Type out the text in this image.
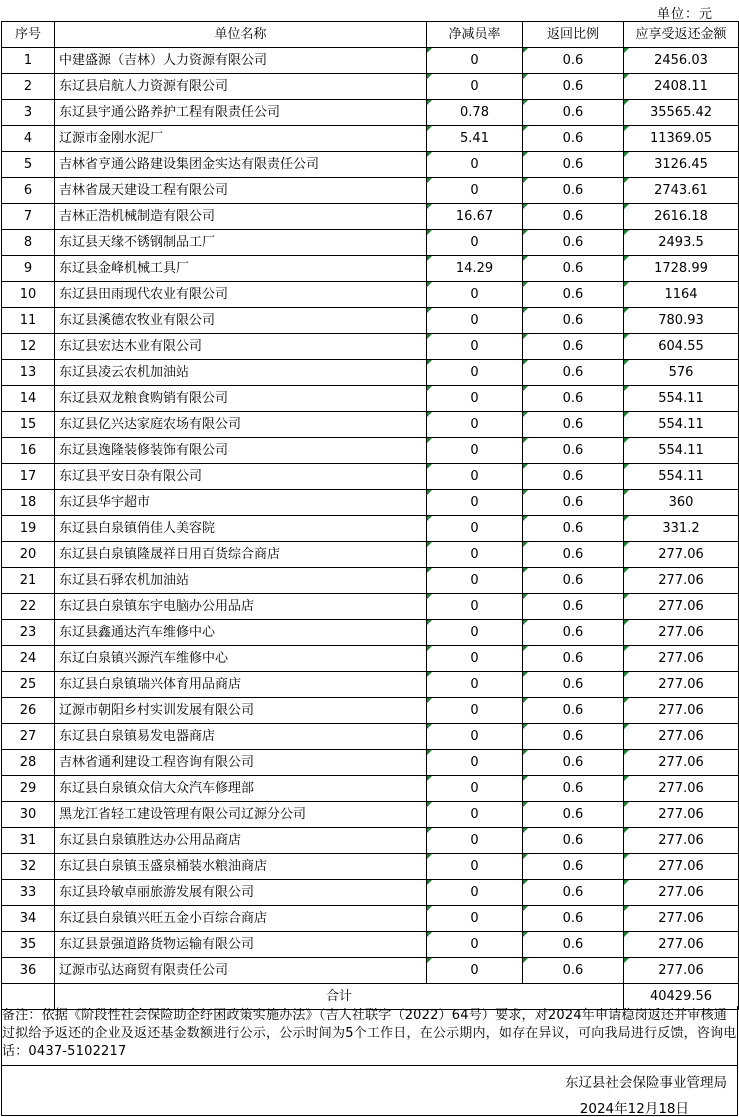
单位：元
序号	单位名称	净减员率	返回比例	应享受返还金额
1	中建盛源（吉林）人力资源有限公司	0	0.6	2456.03
2	东辽县启航人力资源有限公司	0	0.6	2408.11
3	东辽县宇通公路养护工程有限责任公司	0.78	0.6	35565.42
4	辽源市金刚水泥厂	5.41	0.6	11369.05
5	吉林省亨通公路建设集团金实达有限责任公司	0	0.6	3126.45
6	吉林省晟天建设工程有限公司	0	0.6	2743.61
7	吉林正浩机械制造有限公司	16.67	0.6	2616.18
8	东辽县天缘不锈钢制品工厂	0	0.6	2493.5
9	东辽县金峰机械工具厂	14.29	0.6	1728.99
10	东辽县田雨现代农业有限公司	0	0.6	1164
11	东辽县溪德农牧业有限公司	0	0.6	780.93
12	东辽县宏达木业有限公司	0	0.6	604.55
13	东辽县凌云农机加油站	0	0.6	576
14	东辽县双龙粮食购销有限公司	0	0.6	554.11
15	东辽县亿兴达家庭农场有限公司	0	0.6	554.11
16	东辽县逸隆装修装饰有限公司	0	0.6	554.11
17	东辽县平安日杂有限公司	0	0.6	554.11
18	东辽县华宇超市	0	0.6	360
19	东辽县白泉镇俏佳人美容院	0	0.6	331.2
20	东辽县白泉镇隆晟祥日用百货综合商店	0	0.6	277.06
21	东辽县石驿农机加油站	0	0.6	277.06
22	东辽县白泉镇东宇电脑办公用品店	0	0.6	277.06
23	东辽县鑫通达汽车维修中心	0	0.6	277.06
24	东辽白泉镇兴源汽车维修中心	0	0.6	277.06
25	东辽县白泉镇瑞兴体育用品商店	0	0.6	277.06
26	辽源市朝阳乡村实训发展有限公司	0	0.6	277.06
27	东辽县白泉镇易发电器商店	0	0.6	277.06
28	吉林省通利建设工程咨询有限公司	0	0.6	277.06
29	东辽县白泉镇众信大众汽车修理部	0	0.6	277.06
30	黑龙江省轻工建设管理有限公司辽源分公司	0	0.6	277.06
31	东辽县白泉镇胜达办公用品商店	0	0.6	277.06
32	东辽县白泉镇玉盛泉桶装水粮油商店	0	0.6	277.06
33	东辽县玲敏卓丽旅游发展有限公司	0	0.6	277.06
34	东辽县白泉镇兴旺五金小百综合商店	0	0.6	277.06
35	东辽县景强道路货物运输有限公司	0	0.6	277.06
36	辽源市弘达商贸有限责任公司	0	0.6	277.06
	合计			40429.56
备注：依据《阶段性社会保险助企纾困政策实施办法》（吉人社联字（2022）64号）要求，对2024年申请稳岗返还并审核通过拟给予返还的企业及返还基金数额进行公示，公示时间为5个工作日，在公示期内，如存在异议，可向我局进行反馈，咨询电话：0437-5102217
东辽县社会保险事业管理局
2024年12月18日
